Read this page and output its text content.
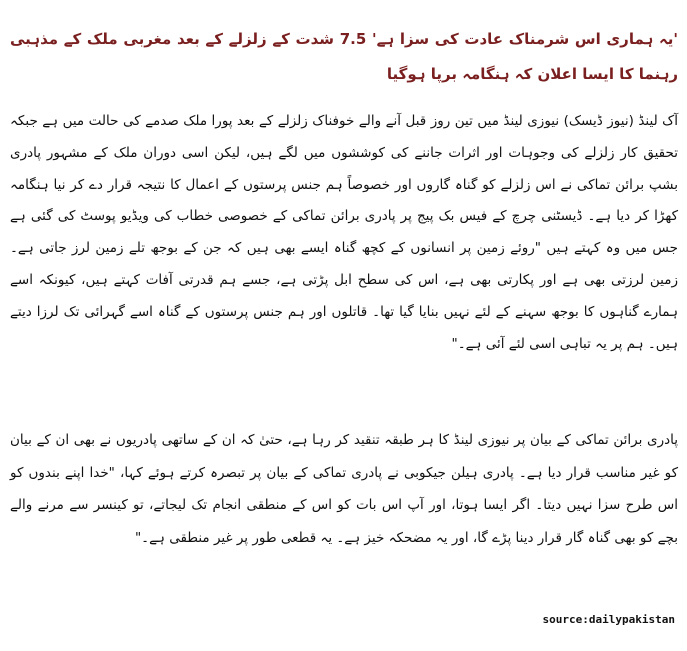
'یہ ہماری اس شرمناک عادت کی سزا ہے' 7.5 شدت کے زلزلے کے بعد مغربی ملک کے مذہبی رہنما کا ایسا اعلان کہ ہنگامہ برپا ہوگیا
آک لینڈ (نیوز ڈیسک) نیوزی لینڈ میں تین روز قبل آنے والے خوفناک زلزلے کے بعد پورا ملک صدمے کی حالت میں ہے جبکہ تحقیق کار زلزلے کی وجوہات اور اثرات جاننے کی کوششوں میں لگے ہیں، لیکن اسی دوران ملک کے مشہور پادری بشپ برائن تماکی نے اس زلزلے کو گناہ گاروں اور خصوصاً ہم جنس پرستوں کے اعمال کا نتیجہ قرار دے کر نیا ہنگامہ کھڑا کر دیا ہے۔ ڈیسٹنی چرچ کے فیس بک پیج پر پادری برائن تماکی کے خصوصی خطاب کی ویڈیو پوسٹ کی گئی ہے جس میں وہ کہتے ہیں "روئے زمین پر انسانوں کے کچھ گناہ ایسے بھی ہیں کہ جن کے بوجھ تلے زمین لرز جاتی ہے۔ زمین لرزتی بھی ہے اور پکارتی بھی ہے، اس کی سطح ابل پڑتی ہے، جسے ہم قدرتی آفات کہتے ہیں، کیونکہ اسے ہمارے گناہوں کا بوجھ سہنے کے لئے نہیں بنایا گیا تھا۔ قاتلوں اور ہم جنس پرستوں کے گناہ اسے گہرائی تک لرزا دیتے ہیں۔ ہم پر یہ تباہی اسی لئے آئی ہے۔"
پادری برائن تماکی کے بیان پر نیوزی لینڈ کا ہر طبقہ تنقید کر رہا ہے، حتیٰ کہ ان کے ساتھی پادریوں نے بھی ان کے بیان کو غیر مناسب قرار دیا ہے۔ پادری ہیلن جیکوبی نے پادری تماکی کے بیان پر تبصرہ کرتے ہوئے کہا، "خدا اپنے بندوں کو اس طرح سزا نہیں دیتا۔ اگر ایسا ہوتا، اور آپ اس بات کو اس کے منطقی انجام تک لیجاتے، تو کینسر سے مرنے والے بچے کو بھی گناہ گار قرار دینا پڑے گا، اور یہ مضحکہ خیز ہے۔ یہ قطعی طور پر غیر منطقی ہے۔"
source:dailypakistan
